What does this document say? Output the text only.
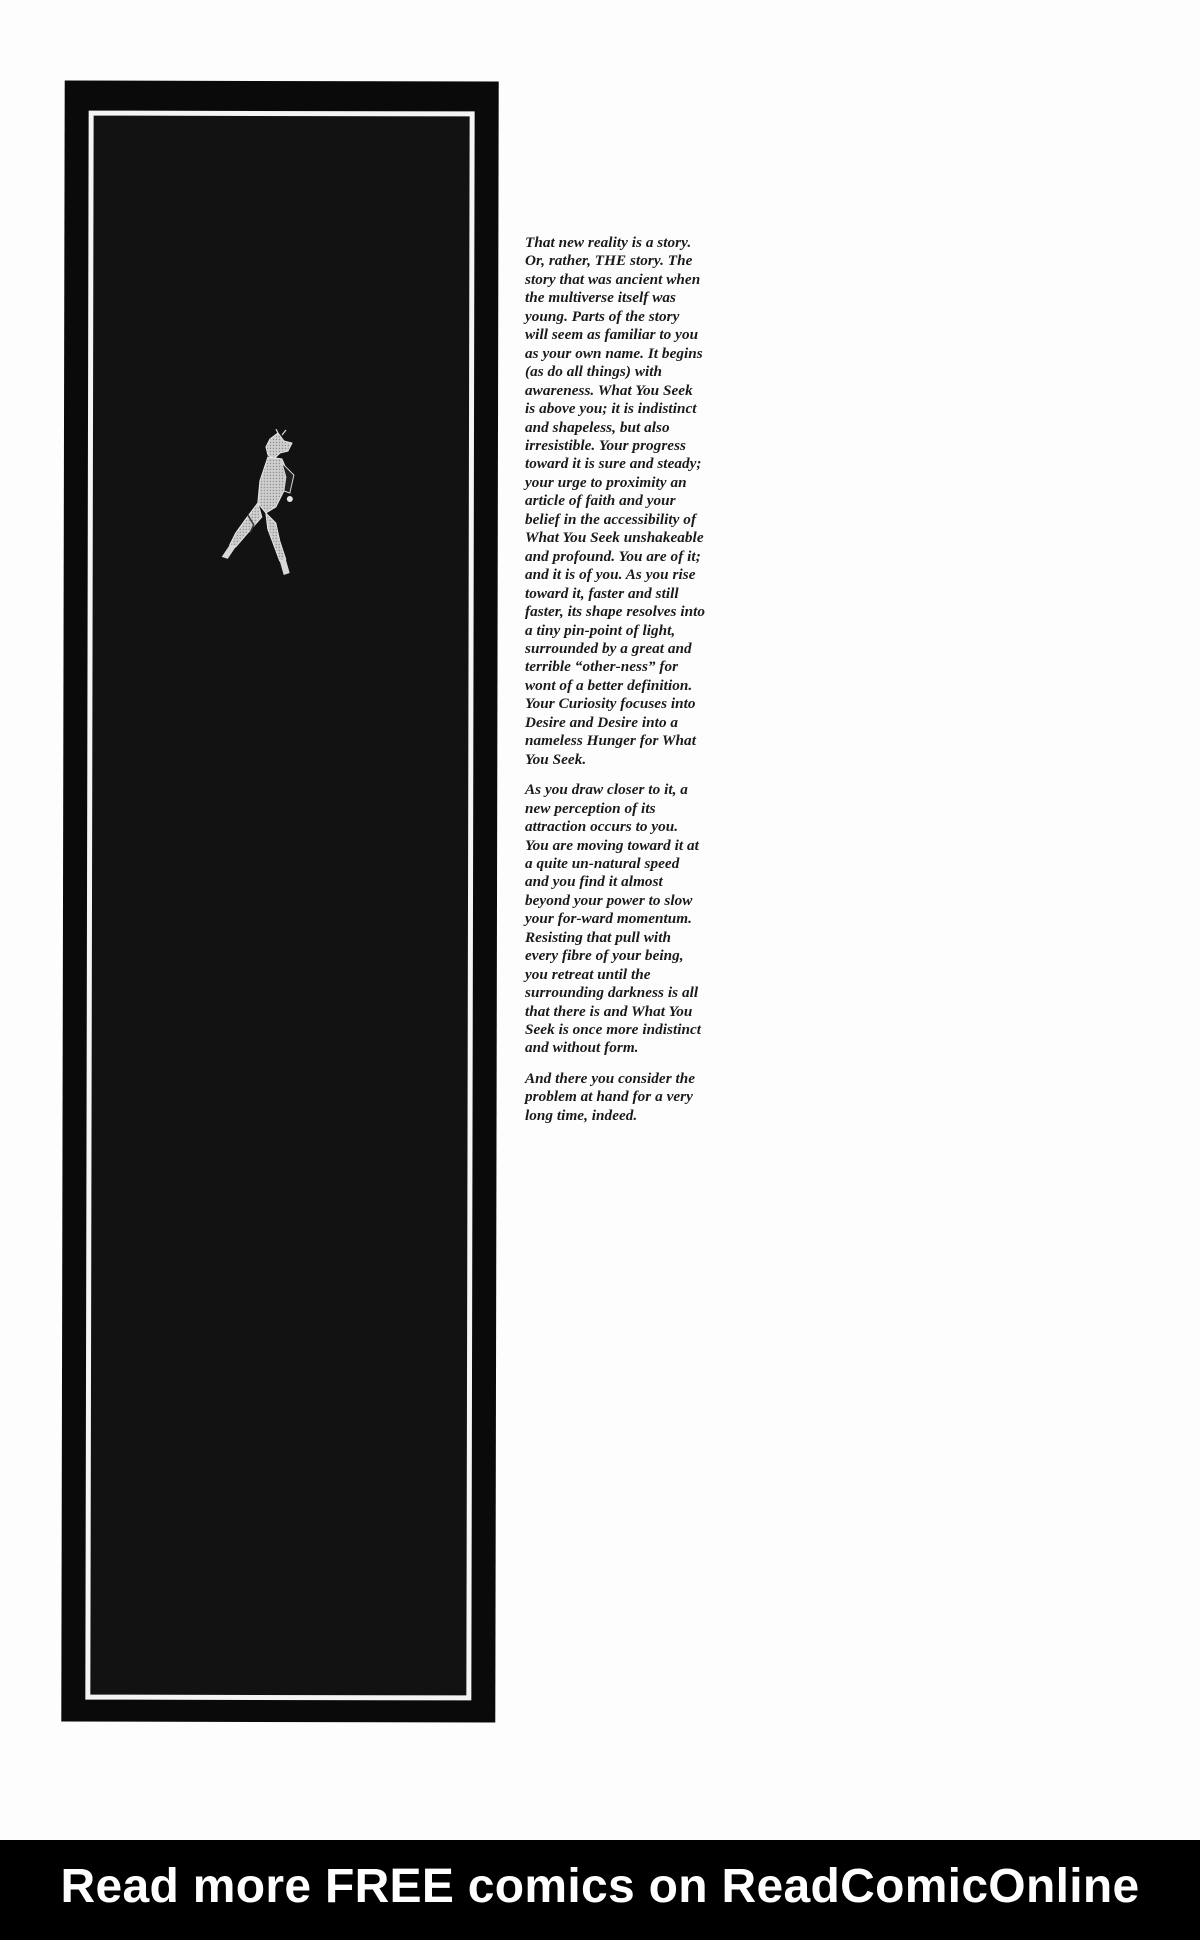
That new reality is a story. Or, rather, THE story. The story that was ancient when the multiverse itself was young. Parts of the story will seem as familiar to you as your own name. It begins (as do all things) with awareness. What You Seek is above you; it is indistinct and shapeless, but also irresistible. Your progress toward it is sure and steady; your urge to proximity an article of faith and your belief in the accessibility of What You Seek unshakeable and profound. You are of it; and it is of you. As you rise toward it, faster and still faster, its shape resolves into a tiny pin-point of light, surrounded by a great and terrible “other-ness” for wont of a better definition. Your Curiosity focuses into Desire and Desire into a nameless Hunger for What You Seek.

As you draw closer to it, a new perception of its attraction occurs to you. You are moving toward it at a quite un-natural speed and you find it almost beyond your power to slow your for-ward momentum. Resisting that pull with every fibre of your being, you retreat until the surrounding darkness is all that there is and What You Seek is once more indistinct and without form.

And there you consider the problem at hand for a very long time, indeed.

Read more FREE comics on ReadComicOnline
